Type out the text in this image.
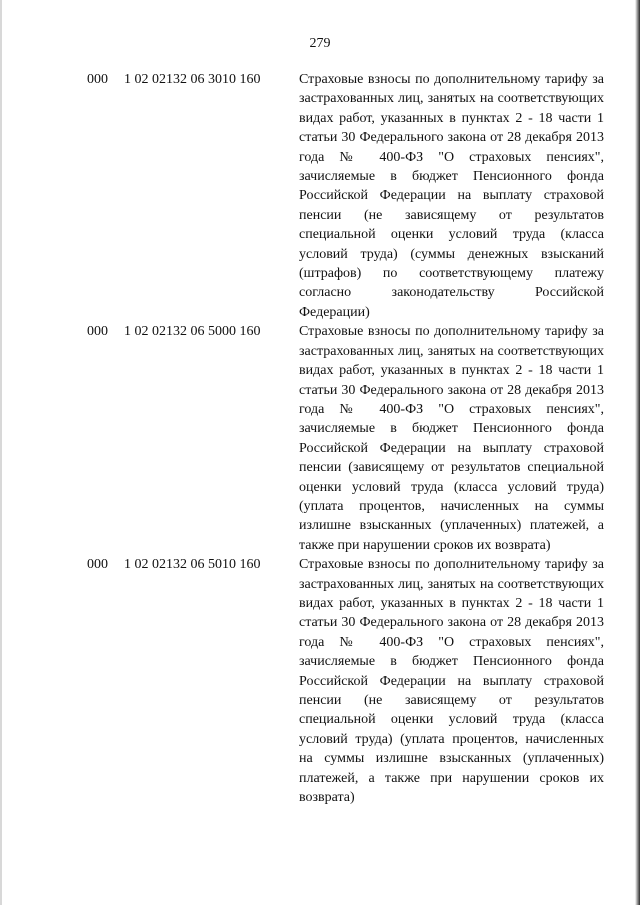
279
000	1 02 02132 06 3010 160	Страховые взносы по дополнительному тарифу за застрахованных лиц, занятых на соответствующих видах работ, указанных в пунктах 2 - 18 части 1 статьи 30 Федерального закона от 28 декабря 2013 года № 400-ФЗ "О страховых пенсиях", зачисляемые в бюджет Пенсионного фонда Российской Федерации на выплату страховой пенсии (не зависящему от результатов специальной оценки условий труда (класса условий труда) (суммы денежных взысканий (штрафов) по соответствующему платежу согласно законодательству Российской Федерации)
000	1 02 02132 06 5000 160	Страховые взносы по дополнительному тарифу за застрахованных лиц, занятых на соответствующих видах работ, указанных в пунктах 2 - 18 части 1 статьи 30 Федерального закона от 28 декабря 2013 года № 400-ФЗ "О страховых пенсиях", зачисляемые в бюджет Пенсионного фонда Российской Федерации на выплату страховой пенсии (зависящему от результатов специальной оценки условий труда (класса условий труда) (уплата процентов, начисленных на суммы излишне взысканных (уплаченных) платежей, а также при нарушении сроков их возврата)
000	1 02 02132 06 5010 160	Страховые взносы по дополнительному тарифу за застрахованных лиц, занятых на соответствующих видах работ, указанных в пунктах 2 - 18 части 1 статьи 30 Федерального закона от 28 декабря 2013 года № 400-ФЗ "О страховых пенсиях", зачисляемые в бюджет Пенсионного фонда Российской Федерации на выплату страховой пенсии (не зависящему от результатов специальной оценки условий труда (класса условий труда) (уплата процентов, начисленных на суммы излишне взысканных (уплаченных) платежей, а также при нарушении сроков их возврата)
